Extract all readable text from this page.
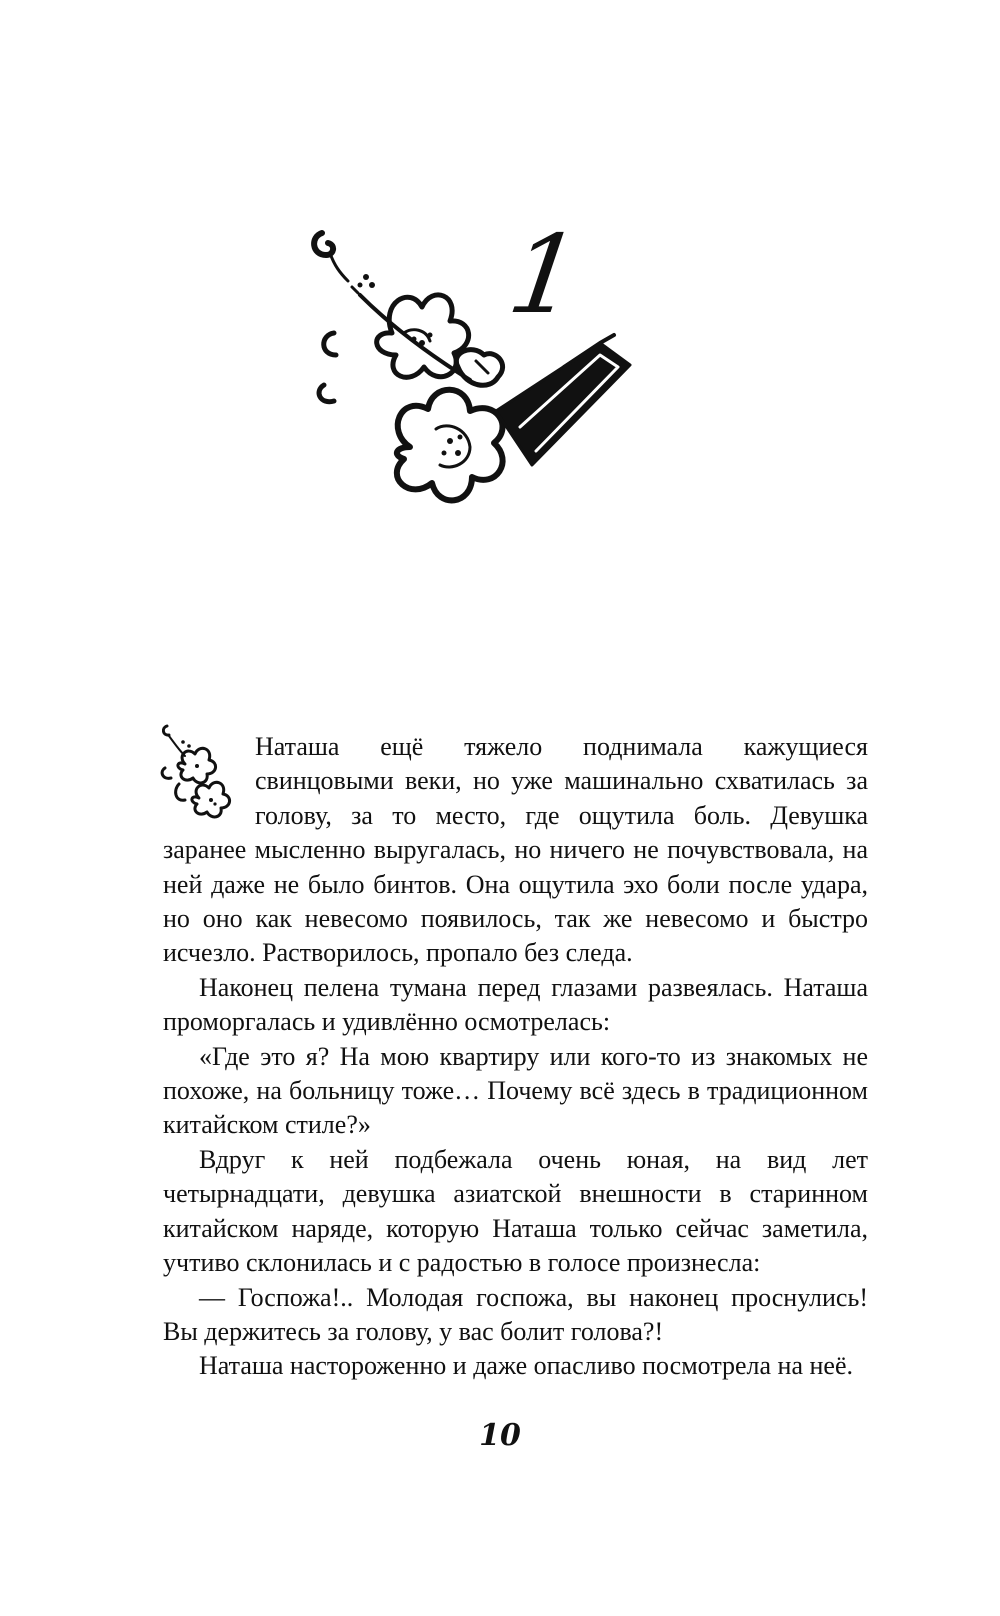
1

Наташа ещё тяжело поднимала кажущиеся свинцовыми веки, но уже машинально схватилась за голову, за то место, где ощутила боль. Девушка заранее мысленно выругалась, но ничего не почувствовала, на ней даже не было бинтов. Она ощутила эхо боли после удара, но оно как невесомо появилось, так же невесомо и быстро исчезло. Растворилось, пропало без следа.

Наконец пелена тумана перед глазами развеялась. Наташа проморгалась и удивлённо осмотрелась:

«Где это я? На мою квартиру или кого-то из знакомых не похоже, на больницу тоже… Почему всё здесь в традиционном китайском стиле?»

Вдруг к ней подбежала очень юная, на вид лет четырнадцати, девушка азиатской внешности в старинном китайском наряде, которую Наташа только сейчас заметила, учтиво склонилась и с радостью в голосе произнесла:

— Госпожа!.. Молодая госпожа, вы наконец проснулись! Вы держитесь за голову, у вас болит голова?!

Наташа настороженно и даже опасливо посмотрела на неё.

10
